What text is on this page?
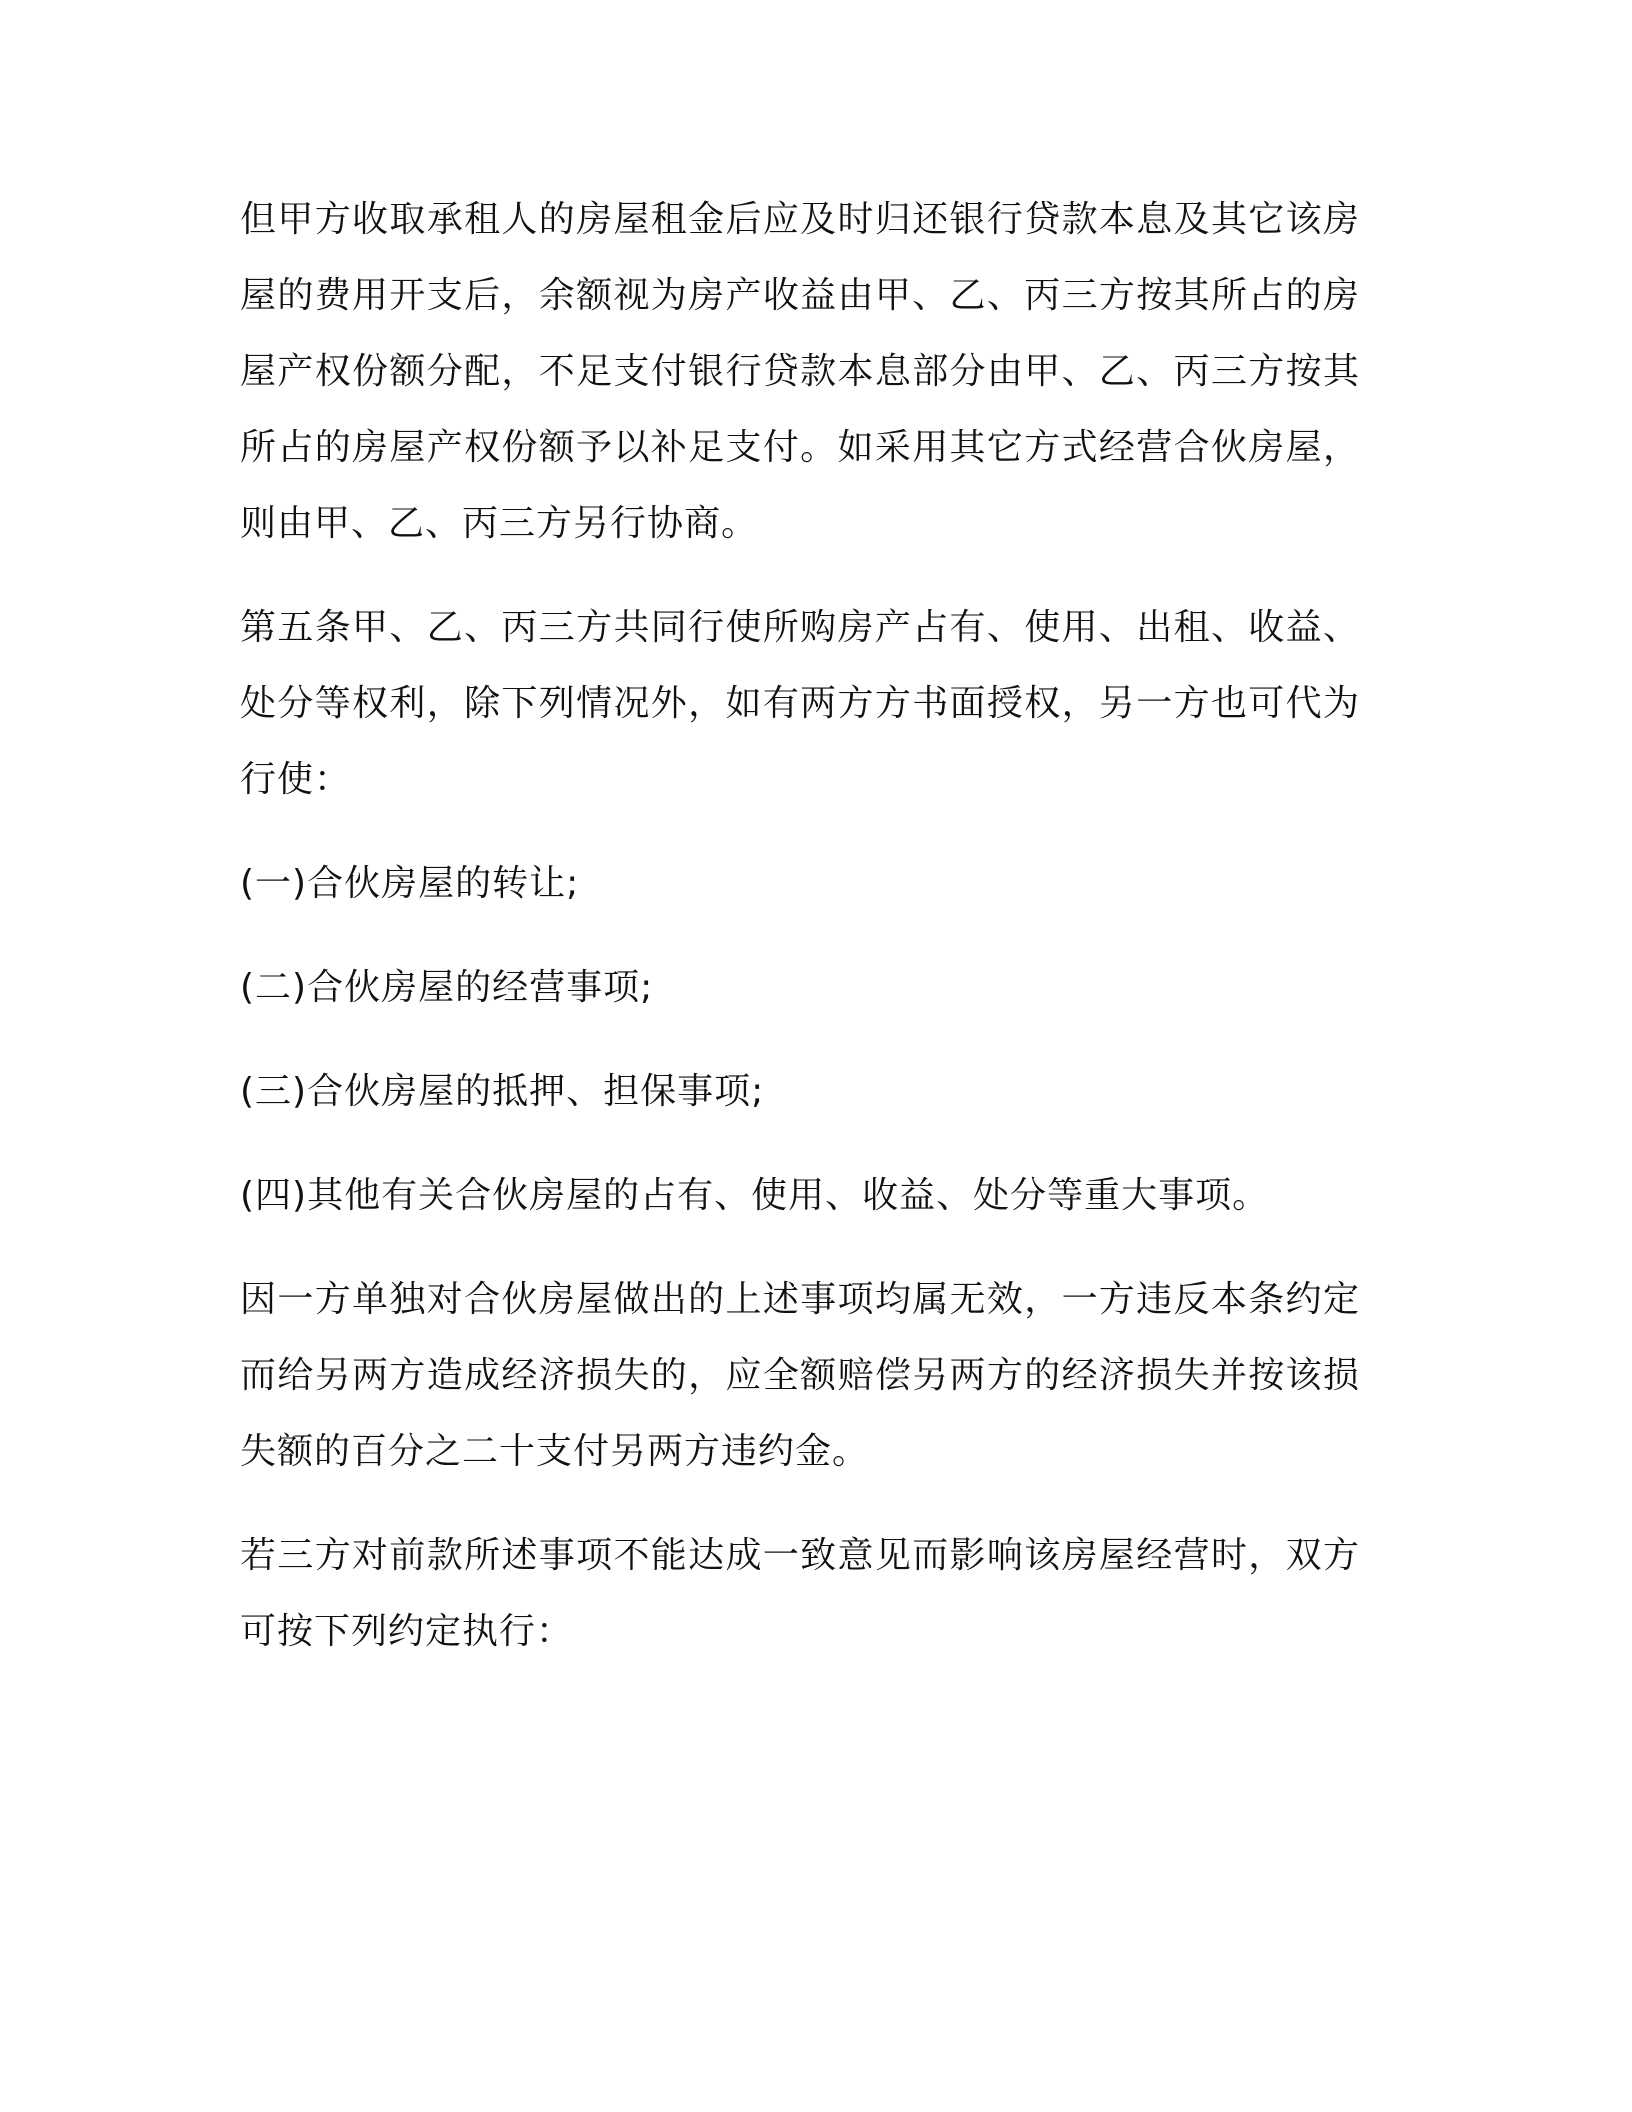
但甲方收取承租人的房屋租金后应及时归还银行贷款本息及其它该房屋的费用开支后，余额视为房产收益由甲、乙、丙三方按其所占的房屋产权份额分配，不足支付银行贷款本息部分由甲、乙、丙三方按其所占的房屋产权份额予以补足支付。如采用其它方式经营合伙房屋，则由甲、乙、丙三方另行协商。

第五条甲、乙、丙三方共同行使所购房产占有、使用、出租、收益、处分等权利，除下列情况外，如有两方方书面授权，另一方也可代为行使：

(一)合伙房屋的转让;

(二)合伙房屋的经营事项;

(三)合伙房屋的抵押、担保事项;

(四)其他有关合伙房屋的占有、使用、收益、处分等重大事项。

因一方单独对合伙房屋做出的上述事项均属无效，一方违反本条约定而给另两方造成经济损失的，应全额赔偿另两方的经济损失并按该损失额的百分之二十支付另两方违约金。

若三方对前款所述事项不能达成一致意见而影响该房屋经营时，双方可按下列约定执行：
